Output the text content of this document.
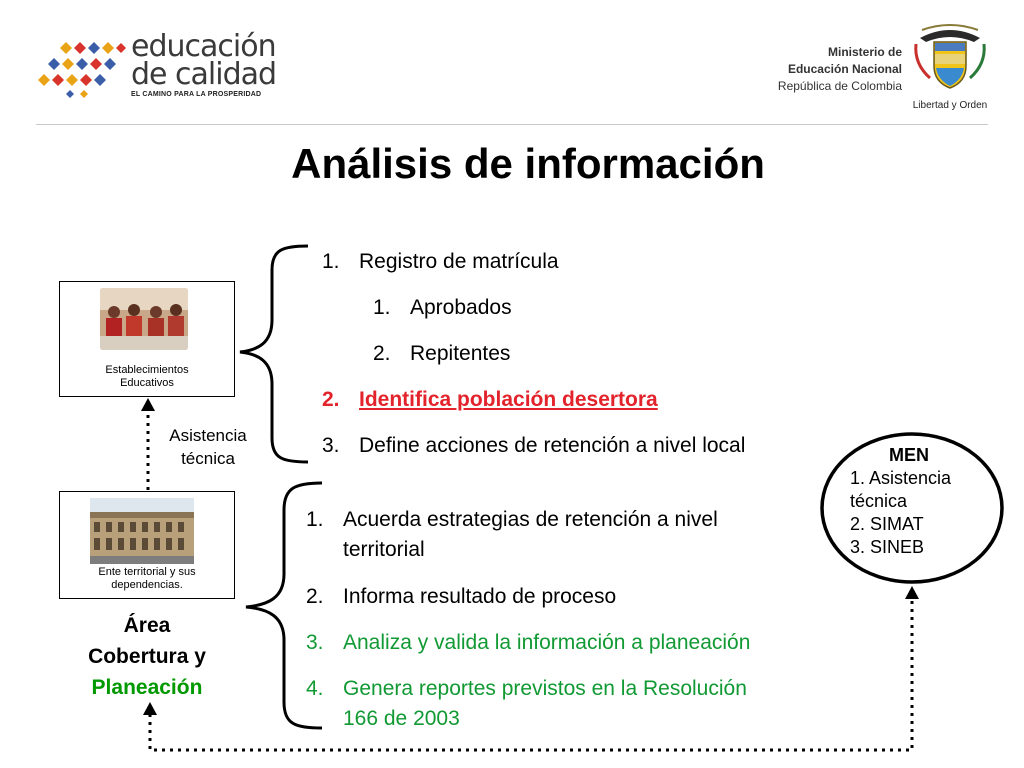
educación
de calidad
EL CAMINO PARA LA PROSPERIDAD
Ministerio de
Educación Nacional
República de Colombia
Libertad y Orden
Análisis de información
Establecimientos
Educativos
Asistencia
técnica
Ente territorial y sus
dependencias.
Área
Cobertura y
Planeación
1. Registro de matrícula
1. Aprobados
2. Repitentes
2. Identifica población desertora
3. Define acciones de retención a nivel local
1. Acuerda estrategias de retención a nivel
territorial
2. Informa resultado de proceso
3. Analiza y valida la información a planeación
4. Genera reportes previstos en la Resolución
166 de 2003
MEN
1. Asistencia
técnica
2. SIMAT
3. SINEB
